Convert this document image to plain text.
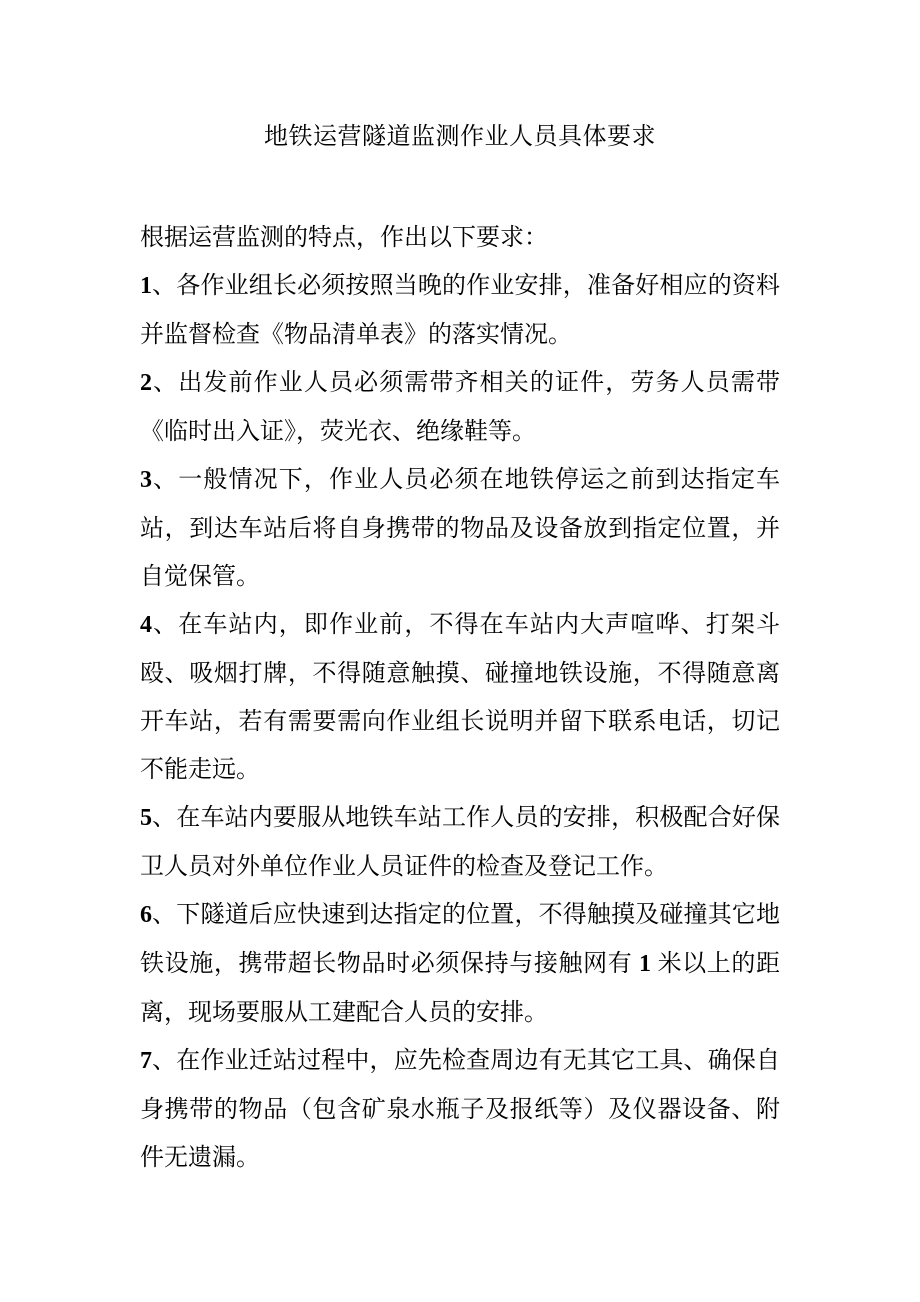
地铁运营隧道监测作业人员具体要求

根据运营监测的特点，作出以下要求：

1、各作业组长必须按照当晚的作业安排，准备好相应的资料并监督检查《物品清单表》的落实情况。

2、出发前作业人员必须需带齐相关的证件，劳务人员需带《临时出入证》，荧光衣、绝缘鞋等。

3、一般情况下，作业人员必须在地铁停运之前到达指定车站，到达车站后将自身携带的物品及设备放到指定位置，并自觉保管。

4、在车站内，即作业前，不得在车站内大声喧哗、打架斗殴、吸烟打牌，不得随意触摸、碰撞地铁设施，不得随意离开车站，若有需要需向作业组长说明并留下联系电话，切记不能走远。

5、在车站内要服从地铁车站工作人员的安排，积极配合好保卫人员对外单位作业人员证件的检查及登记工作。

6、下隧道后应快速到达指定的位置，不得触摸及碰撞其它地铁设施，携带超长物品时必须保持与接触网有 1 米以上的距离，现场要服从工建配合人员的安排。

7、在作业迁站过程中，应先检查周边有无其它工具、确保自身携带的物品（包含矿泉水瓶子及报纸等）及仪器设备、附件无遗漏。
